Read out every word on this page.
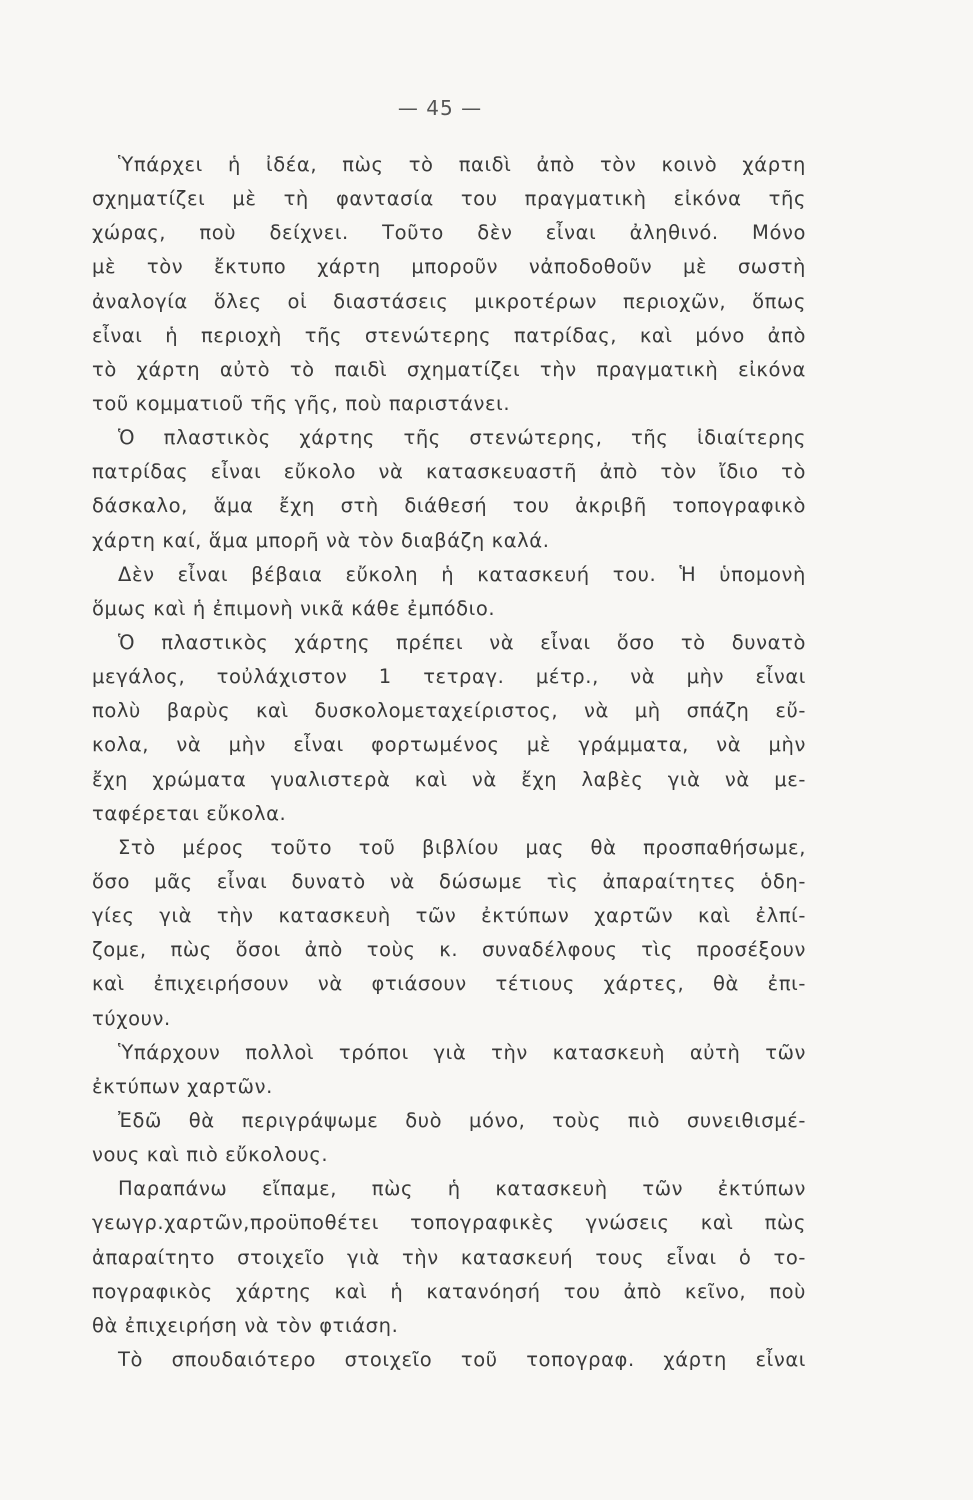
— 45 —
Ὑπάρχει ἡ ἰδέα, πὼς τὸ παιδὶ ἀπὸ τὸν κοινὸ χάρτη
σχηματίζει μὲ τὴ φαντασία του πραγματικὴ εἰκόνα τῆς
χώρας, ποὺ δείχνει. Τοῦτο δὲν εἶναι ἀληθινό. Μόνο
μὲ τὸν ἔκτυπο χάρτη μποροῦν νἀποδοθοῦν μὲ σωστὴ
ἀναλογία ὅλες οἱ διαστάσεις μικροτέρων περιοχῶν, ὅπως
εἶναι ἡ περιοχὴ τῆς στενώτερης πατρίδας, καὶ μόνο ἀπὸ
τὸ χάρτη αὐτὸ τὸ παιδὶ σχηματίζει τὴν πραγματικὴ εἰκόνα
τοῦ κομματιοῦ τῆς γῆς, ποὺ παριστάνει.
Ὁ πλαστικὸς χάρτης τῆς στενώτερης, τῆς ἰδιαίτερης
πατρίδας εἶναι εὔκολο νὰ κατασκευαστῆ ἀπὸ τὸν ἴδιο τὸ
δάσκαλο, ἅμα ἔχη στὴ διάθεσή του ἀκριβῆ τοπογραφικὸ
χάρτη καί, ἅμα μπορῆ νὰ τὸν διαβάζη καλά.
Δὲν εἶναι βέβαια εὔκολη ἡ κατασκευή του. Ἡ ὑπομονὴ
ὅμως καὶ ἡ ἐπιμονὴ νικᾶ κάθε ἐμπόδιο.
Ὁ πλαστικὸς χάρτης πρέπει νὰ εἶναι ὅσο τὸ δυνατὸ
μεγάλος, τοὐλάχιστον 1 τετραγ. μέτρ., νὰ μὴν εἶναι
πολὺ βαρὺς καὶ δυσκολομεταχείριστος, νὰ μὴ σπάζη εὔ-
κολα, νὰ μὴν εἶναι φορτωμένος μὲ γράμματα, νὰ μὴν
ἔχη χρώματα γυαλιστερὰ καὶ νὰ ἔχη λαβὲς γιὰ νὰ με-
ταφέρεται εὔκολα.
Στὸ μέρος τοῦτο τοῦ βιβλίου μας θὰ προσπαθήσωμε,
ὅσο μᾶς εἶναι δυνατὸ νὰ δώσωμε τὶς ἀπαραίτητες ὁδη-
γίες γιὰ τὴν κατασκευὴ τῶν ἐκτύπων χαρτῶν καὶ ἐλπί-
ζομε, πὼς ὅσοι ἀπὸ τοὺς κ. συναδέλφους τὶς προσέξουν
καὶ ἐπιχειρήσουν νὰ φτιάσουν τέτιους χάρτες, θὰ ἐπι-
τύχουν.
Ὑπάρχουν πολλοὶ τρόποι γιὰ τὴν κατασκευὴ αὐτὴ τῶν
ἐκτύπων χαρτῶν.
Ἐδῶ θὰ περιγράψωμε δυὸ μόνο, τοὺς πιὸ συνειθισμέ-
νους καὶ πιὸ εὔκολους.
Παραπάνω εἴπαμε, πὼς ἡ κατασκευὴ τῶν ἐκτύπων
γεωγρ.χαρτῶν,προϋποθέτει τοπογραφικὲς γνώσεις καὶ πὼς
ἀπαραίτητο στοιχεῖο γιὰ τὴν κατασκευή τους εἶναι ὁ το-
πογραφικὸς χάρτης καὶ ἡ κατανόησή του ἀπὸ κεῖνο, ποὺ
θὰ ἐπιχειρήση νὰ τὸν φτιάση.
Τὸ σπουδαιότερο στοιχεῖο τοῦ τοπογραφ. χάρτη εἶναι
